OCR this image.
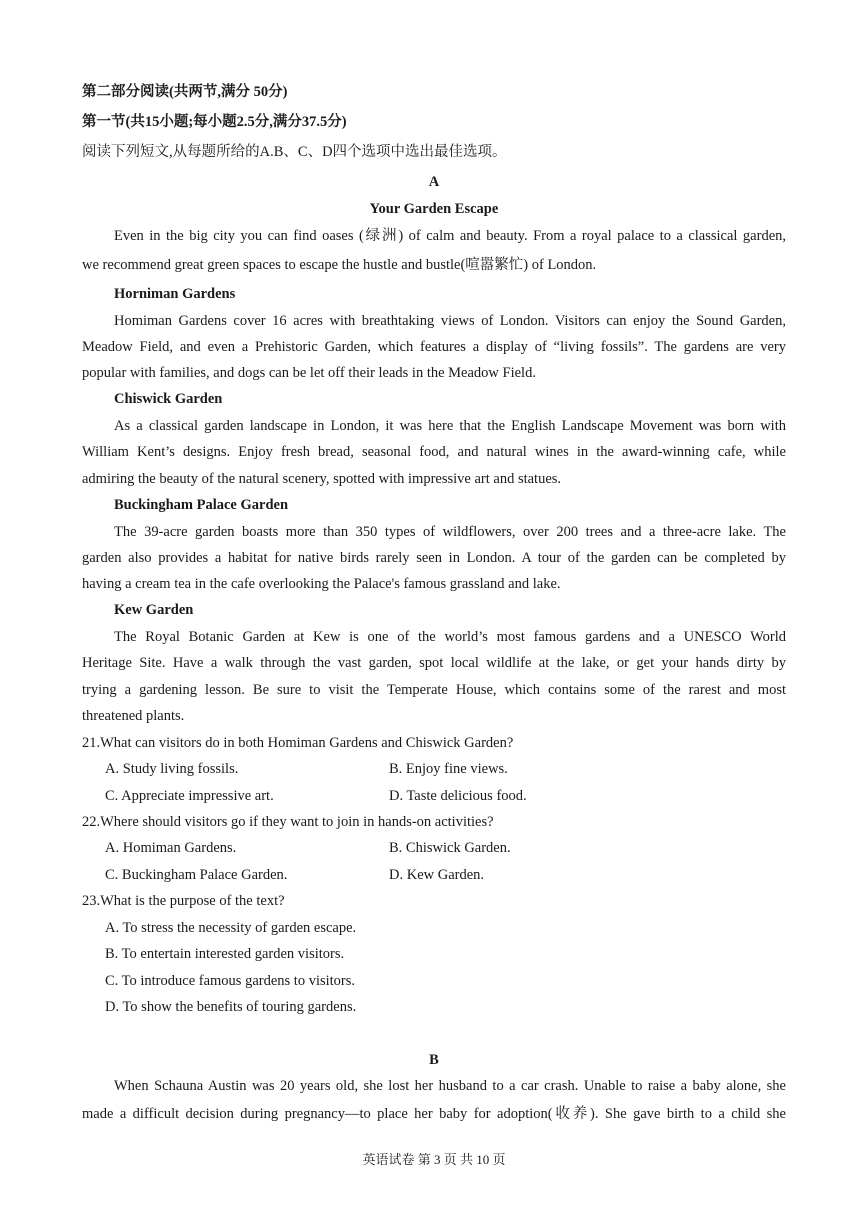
第二部分阅读(共两节,满分 50分)
第一节(共15小题;每小题2.5分,满分37.5分)
阅读下列短文,从每题所给的A.B、C、D四个选项中选出最佳选项。
A
Your Garden Escape
Even in the big city you can find oases (绿洲) of calm and beauty. From a royal palace to a classical garden,
we recommend great green spaces to escape the hustle and bustle(喧嚣繁忙) of London.
Horniman Gardens
Homiman Gardens cover 16 acres with breathtaking views of London. Visitors can enjoy the Sound Garden,
Meadow Field, and even a Prehistoric Garden, which features a display of “living fossils”. The gardens are very
popular with families, and dogs can be let off their leads in the Meadow Field.
Chiswick Garden
As a classical garden landscape in London, it was here that the English Landscape Movement was born with
William Kent’s designs. Enjoy fresh bread, seasonal food, and natural wines in the award-winning cafe, while
admiring the beauty of the natural scenery, spotted with impressive art and statues.
Buckingham Palace Garden
The 39-acre garden boasts more than 350 types of wildflowers, over 200 trees and a three-acre lake. The
garden also provides a habitat for native birds rarely seen in London. A tour of the garden can be completed by
having a cream tea in the cafe overlooking the Palace's famous grassland and lake.
Kew Garden
The Royal Botanic Garden at Kew is one of the world’s most famous gardens and a UNESCO World
Heritage Site. Have a walk through the vast garden, spot local wildlife at the lake, or get your hands dirty by
trying a gardening lesson. Be sure to visit the Temperate House, which contains some of the rarest and most
threatened plants.
21.What can visitors do in both Homiman Gardens and Chiswick Garden?
A. Study living fossils.	B. Enjoy fine views.
C. Appreciate impressive art.	D. Taste delicious food.
22.Where should visitors go if they want to join in hands-on activities?
A. Homiman Gardens.	B. Chiswick Garden.
C. Buckingham Palace Garden.	D. Kew Garden.
23.What is the purpose of the text?
A. To stress the necessity of garden escape.
B. To entertain interested garden visitors.
C. To introduce famous gardens to visitors.
D. To show the benefits of touring gardens.
B
When Schauna Austin was 20 years old, she lost her husband to a car crash. Unable to raise a baby alone, she
made a difficult decision during pregnancy—to place her baby for adoption(收养). She gave birth to a child she
英语试卷 第 3 页 共 10 页
